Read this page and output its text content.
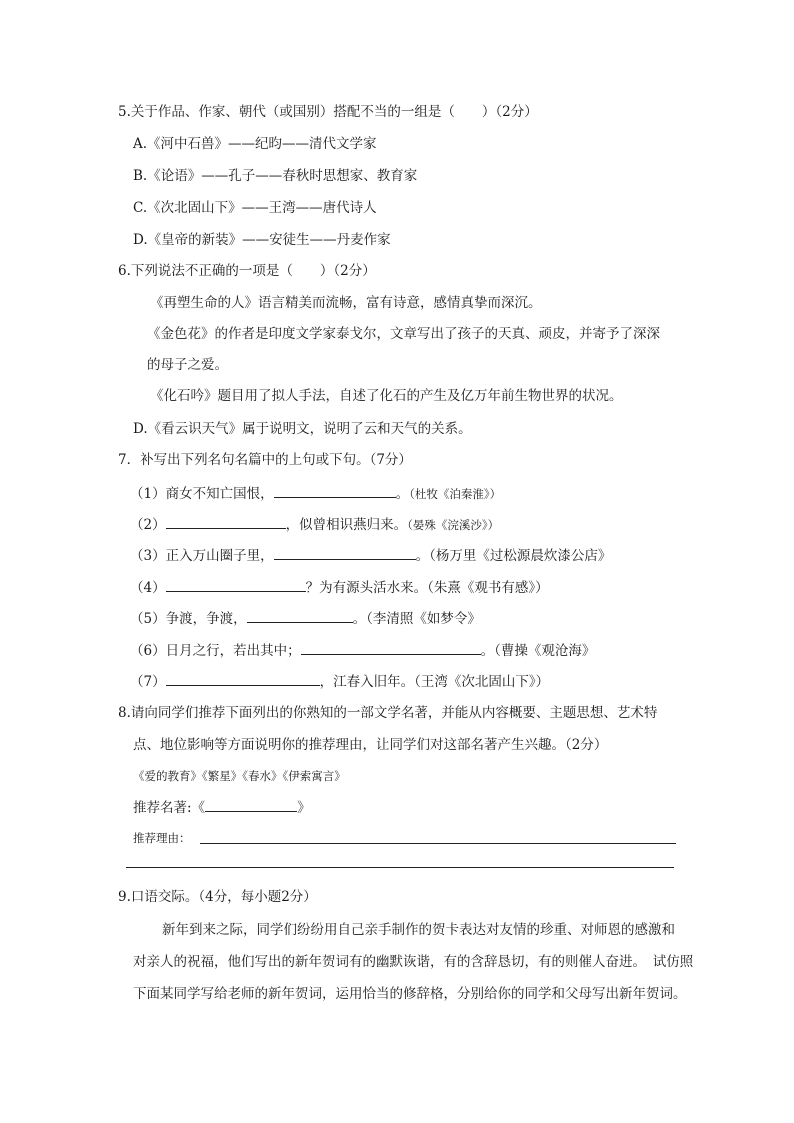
5.关于作品、作家、朝代（或国别）搭配不当的一组是（　　）（2分）
A.《河中石兽》——纪昀——清代文学家
B.《论语》——孔子——春秋时思想家、教育家
C.《次北固山下》——王湾——唐代诗人
D.《皇帝的新装》——安徒生——丹麦作家
6.下列说法不正确的一项是（　　）（2分）
《再塑生命的人》语言精美而流畅，富有诗意，感情真挚而深沉。
《金色花》的作者是印度文学家泰戈尔，文章写出了孩子的天真、顽皮，并寄予了深深
的母子之爱。
《化石吟》题目用了拟人手法，自述了化石的产生及亿万年前生物世界的状况。
D.《看云识天气》属于说明文，说明了云和天气的关系。
7．补写出下列名句名篇中的上句或下句。（7分）
（1）商女不知亡国恨，	。（杜牧《泊秦淮》）
（2）	，似曾相识燕归来。（晏殊《浣溪沙》）
（3）正入万山圈子里，	。（杨万里《过松源晨炊漆公店》
（4）	？为有源头活水来。（朱熹《观书有感》）
（5）争渡，争渡，	。（李清照《如梦令》
（6）日月之行，若出其中；	。（曹操《观沧海》
（7）	，江春入旧年。（王湾《次北固山下》）
8.请向同学们推荐下面列出的你熟知的一部文学名著，并能从内容概要、主题思想、艺术特
点、地位影响等方面说明你的推荐理由，让同学们对这部名著产生兴趣。（2分）
《爱的教育》《繁星》《春水》《伊索寓言》
推荐名著:《	》
推荐理由：
9.口语交际。（4分，每小题2分）
新年到来之际，同学们纷纷用自己亲手制作的贺卡表达对友情的珍重、对师恩的感激和
对亲人的祝福，他们写出的新年贺词有的幽默诙谐，有的含辞恳切，有的则催人奋进。　试仿照
下面某同学写给老师的新年贺词，运用恰当的修辞格，分别给你的同学和父母写出新年贺词。
